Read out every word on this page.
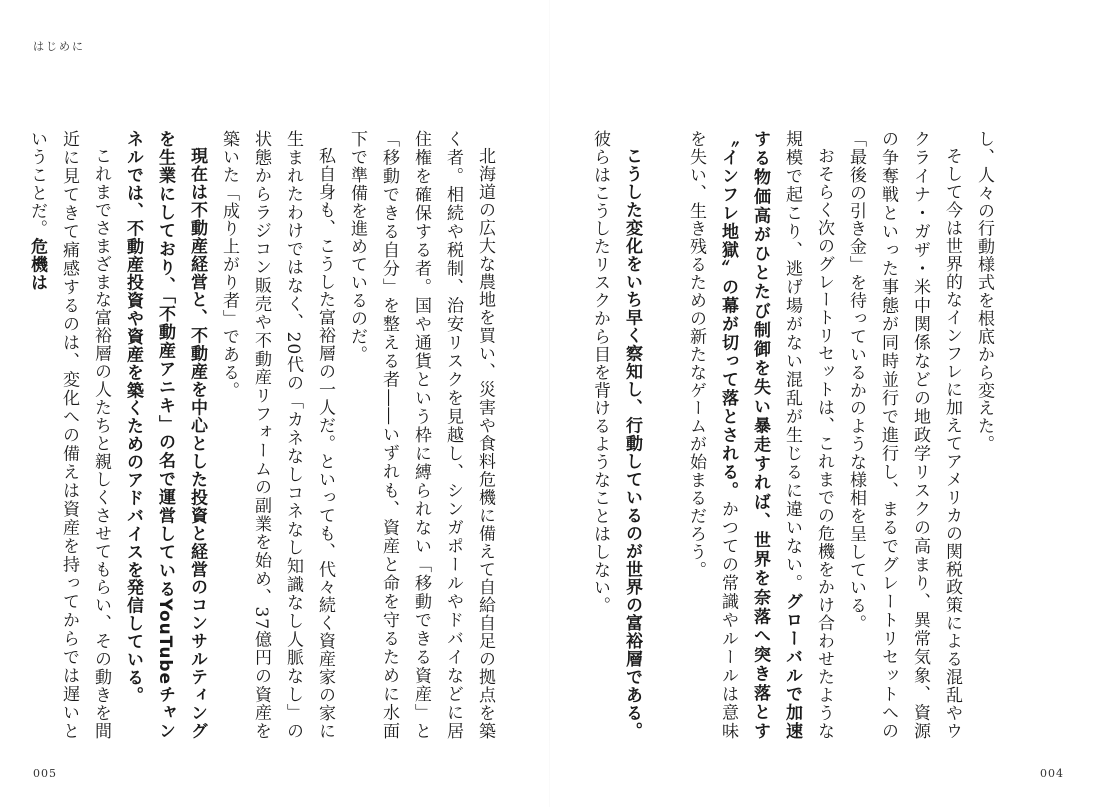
はじめに

し、人々の行動様式を根底から変えた。

そして今は世界的なインフレに加えてアメリカの関税政策による混乱やウクライナ・ガザ・米中関係などの地政学リスクの高まり、異常気象、資源の争奪戦といった事態が同時並行で進行し、まるでグレートリセットへの「最後の引き金」を待っているかのような様相を呈している。

おそらく次のグレートリセットは、これまでの危機をかけ合わせたような規模で起こり、逃げ場がない混乱が生じるに違いない。グローバルで加速する物価高がひとたび制御を失い暴走すれば、世界を奈落へ突き落とす〝インフレ地獄〟の幕が切って落とされる。かつての常識やルールは意味を失い、生き残るための新たなゲームが始まるだろう。

こうした変化をいち早く察知し、行動しているのが世界の富裕層である。彼らはこうしたリスクから目を背けるようなことはしない。

北海道の広大な農地を買い、災害や食料危機に備えて自給自足の拠点を築く者。相続や税制、治安リスクを見越し、シンガポールやドバイなどに居住権を確保する者。国や通貨という枠に縛られない「移動できる資産」と「移動できる自分」を整える者――いずれも、資産と命を守るために水面下で準備を進めているのだ。

私自身も、こうした富裕層の一人だ。といっても、代々続く資産家の家に生まれたわけではなく、20代の「カネなしコネなし知識なし人脈なし」の状態からラジコン販売や不動産リフォームの副業を始め、37億円の資産を築いた「成り上がり者」である。

現在は不動産経営と、不動産を中心とした投資と経営のコンサルティングを生業にしており、「不動産アニキ」の名で運営しているYouTubeチャンネルでは、不動産投資や資産を築くためのアドバイスを発信している。

これまでさまざまな富裕層の人たちと親しくさせてもらい、その動きを間近に見てきて痛感するのは、変化への備えは資産を持ってからでは遅いということだ。危機は

005	004
